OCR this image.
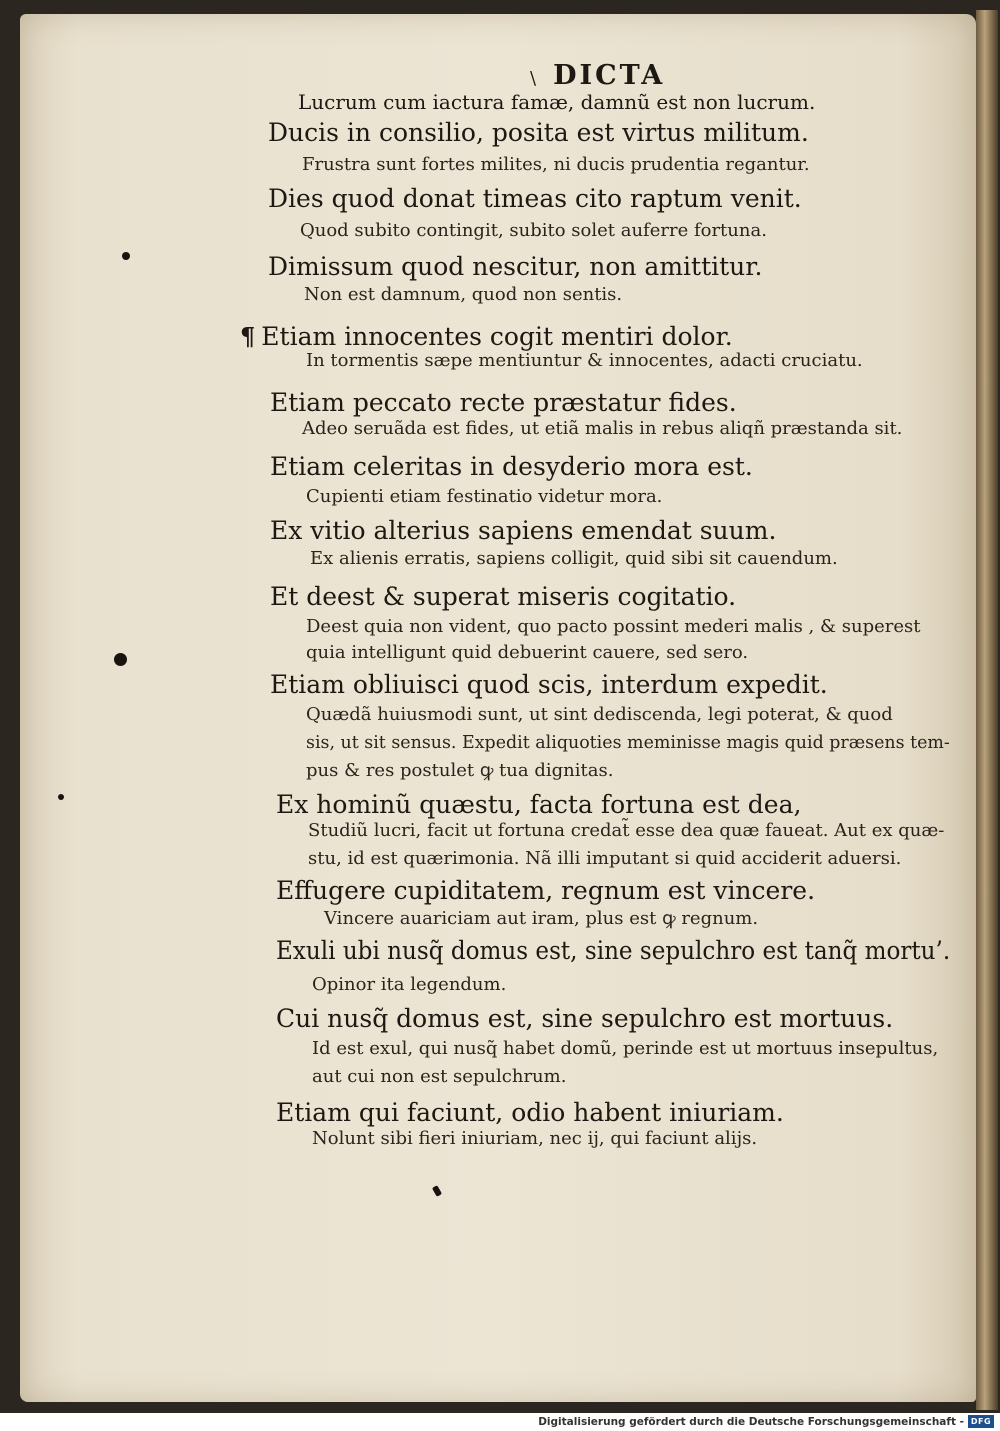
\ DICTA
Lucrum cum iactura famæ, damnũ est non lucrum.
Ducis in consilio, posita est virtus militum.
Frustra sunt fortes milites, ni ducis prudentia regantur.
Dies quod donat timeas cito raptum venit.
Quod subito contingit, subito solet auferre fortuna.
Dimissum quod nescitur, non amittitur.
Non est damnum, quod non sentis.
¶ Etiam innocentes cogit mentiri dolor.
In tormentis sæpe mentiuntur & innocentes, adacti cruciatu.
Etiam peccato recte præstatur fides.
Adeo seruãda est fides, ut etiã malis in rebus aliqñ præstanda sit.
Etiam celeritas in desyderio mora est.
Cupienti etiam festinatio videtur mora.
Ex vitio alterius sapiens emendat suum.
Ex alienis erratis, sapiens colligit, quid sibi sit cauendum.
Et deest & superat miseris cogitatio.
Deest quia non vident, quo pacto possint mederi malis , & superest
quia intelligunt quid debuerint cauere, sed sero.
Etiam obliuisci quod scis, interdum expedit.
Quædã huiusmodi sunt, ut sint dediscenda, legi poterat, & quod
sis, ut sit sensus. Expedit aliquoties meminisse magis quid præsens tem-
pus & res postulet ꝙ tua dignitas.
Ex hominũ quæstu, facta fortuna est dea,
Studiũ lucri, facit ut fortuna credat̃ esse dea quæ faueat. Aut ex quæ-
stu, id est quærimonia. Nã illi imputant si quid acciderit aduersi.
Effugere cupiditatem, regnum est vincere.
Vincere auariciam aut iram, plus est ꝙ regnum.
Exuli ubi nusq̃ domus est, sine sepulchro est tanq̃ mortu’.
Opinor ita legendum.
Cui nusq̃ domus est, sine sepulchro est mortuus.
Id est exul, qui nusq̃ habet domũ, perinde est ut mortuus insepultus,
aut cui non est sepulchrum.
Etiam qui faciunt, odio habent iniuriam.
Nolunt sibi fieri iniuriam, nec ij, qui faciunt alijs.
Digitalisierung gefördert durch die Deutsche Forschungsgemeinschaft - DFG
